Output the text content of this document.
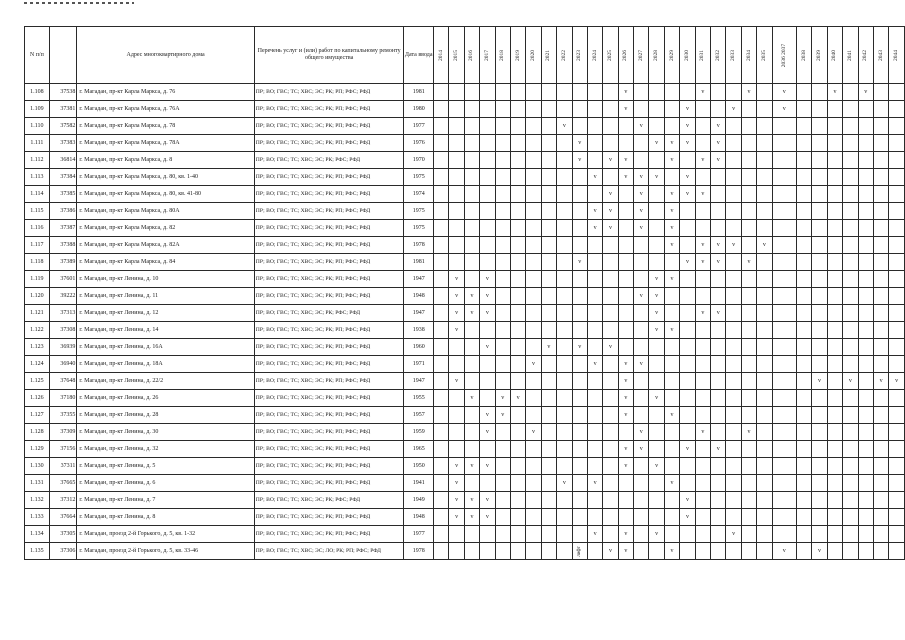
N п/п		Адрес многоквартирного дома	Перечень услуг и (или) работ по капитальному ремонту общего имущества	Дата ввода	2014	2015	2016	2017	2018	2019	2020	2021	2022	2023	2024	2025	2026	2027	2028	2029	2030	2031	2032	2033	2034	2035	2036 2037	2038	2039	2040	2041	2042	2043	2044
1.108	37538	г. Магадан, пр-кт Карла Маркса, д. 76	ПР; ВО; ГВС; ТС; ХВС; ЭС; РК; РП; РФС; РФД	1981													v					v			v		v			v		v		
1.109	37381	г. Магадан, пр-кт Карла Маркса, д. 76А	ПР; ВО; ГВС; ТС; ХВС; ЭС; РК; РП; РФС; РФД	1980													v				v			v			v							
1.110	37582	г. Магадан, пр-кт Карла Маркса, д. 78	ПР; ВО; ГВС; ТС; ХВС; ЭС; РК; РП; РФС; РФД	1977									v					v			v		v											
1.111	37383	г. Магадан, пр-кт Карла Маркса, д. 78А	ПР; ВО; ГВС; ТС; ХВС; ЭС; РК; РП; РФС; РФД	1976										v					v	v	v		v											
1.112	36814	г. Магадан, пр-кт Карла Маркса, д. 8	ПР; ВО; ГВС; ТС; ХВС; ЭС; РК; РФС; РФД	1970										v		v	v			v		v	v											
1.113	37384	г. Магадан, пр-кт Карла Маркса, д. 80, кв. 1-40	ПР; ВО; ГВС; ТС; ХВС; ЭС; РК; РП; РФС; РФД	1975											v		v	v	v		v													
1.114	37385	г. Магадан, пр-кт Карла Маркса, д. 80, кв. 41-80	ПР; ВО; ГВС; ТС; ХВС; ЭС; РК; РП; РФС; РФД	1974												v		v		v	v	v												
1.115	37386	г. Магадан, пр-кт Карла Маркса, д. 80А	ПР; ВО; ГВС; ТС; ХВС; ЭС; РК; РП; РФС; РФД	1975											v	v		v		v														
1.116	37387	г. Магадан, пр-кт Карла Маркса, д. 82	ПР; ВО; ГВС; ТС; ХВС; ЭС; РК; РП; РФС; РФД	1975											v	v		v		v														
1.117	37388	г. Магадан, пр-кт Карла Маркса, д. 82А	ПР; ВО; ГВС; ТС; ХВС; ЭС; РК; РП; РФС; РФД	1978																v		v	v	v		v								
1.118	37389	г. Магадан, пр-кт Карла Маркса, д. 84	ПР; ВО; ГВС; ТС; ХВС; ЭС; РК; РП; РФС; РФД	1981										v							v	v	v		v									
1.119	37601	г. Магадан, пр-кт Ленина, д. 10	ПР; ВО; ГВС; ТС; ХВС; ЭС; РК; РП; РФС; РФД	1947		v		v											v	v														
1.120	39222	г. Магадан, пр-кт Ленина, д. 11	ПР; ВО; ГВС; ТС; ХВС; ЭС; РК; РП; РФС; РФД	1948		v	v	v										v	v															
1.121	37313	г. Магадан, пр-кт Ленина, д. 12	ПР; ВО; ГВС; ТС; ХВС; ЭС; РК; РФС; РФД	1947		v	v	v											v			v	v											
1.122	37308	г. Магадан, пр-кт Ленина, д. 14	ПР; ВО; ГВС; ТС; ХВС; ЭС; РК; РП; РФС; РФД	1938		v													v	v														
1.123	36939	г. Магадан, пр-кт Ленина, д. 16А	ПР; ВО; ГВС; ТС; ХВС; ЭС; РК; РП; РФС; РФД	1960				v				v		v		v																		
1.124	36940	г. Магадан, пр-кт Ленина, д. 18А	ПР; ВО; ГВС; ТС; ХВС; ЭС; РК; РП; РФС; РФД	1971							v				v		v	v																
1.125	37648	г. Магадан, пр-кт Ленина, д. 22/2	ПР; ВО; ГВС; ТС; ХВС; ЭС; РК; РП; РФС; РФД	1947		v											v												v		v		v	v
1.126	37180	г. Магадан, пр-кт Ленина, д. 26	ПР; ВО; ГВС; ТС; ХВС; ЭС; РК; РП; РФС; РФД	1955			v		v	v							v		v															
1.127	37355	г. Магадан, пр-кт Ленина, д. 28	ПР; ВО; ГВС; ТС; ХВС; ЭС; РК; РП; РФС; РФД	1957				v	v								v			v														
1.128	37309	г. Магадан, пр-кт Ленина, д. 30	ПР; ВО; ГВС; ТС; ХВС; ЭС; РК; РП; РФС; РФД	1959				v			v							v				v			v									
1.129	37156	г. Магадан, пр-кт Ленина, д. 32	ПР; ВО; ГВС; ТС; ХВС; ЭС; РК; РП; РФС; РФД	1965													v	v			v		v											
1.130	37311	г. Магадан, пр-кт Ленина, д. 5	ПР; ВО; ГВС; ТС; ХВС; ЭС; РК; РП; РФС; РФД	1950		v	v	v									v		v															
1.131	37665	г. Магадан, пр-кт Ленина, д. 6	ПР; ВО; ГВС; ТС; ХВС; ЭС; РК; РП; РФС; РФД	1941		v							v		v					v														
1.132	37312	г. Магадан, пр-кт Ленина, д. 7	ПР; ВО; ГВС; ТС; ХВС; ЭС; РК; РФС; РФД	1949		v	v	v													v													
1.133	37664	г. Магадан, пр-кт Ленина, д. 8	ПР; ВО; ГВС; ТС; ХВС; ЭС; РК; РП; РФС; РФД	1948		v	v	v													v													
1.134	37305	г. Магадан, проезд 2-й Горького, д. 5, кв. 1-32	ПР; ВО; ГВС; ТС; ХВС; ЭС; РК; РП; РФС; РФД	1977											v		v		v					v										
1.135	37306	г. Магадан, проезд 2-й Горького, д. 5, кв. 33-46	ПР; ВО; ГВС; ТС; ХВС; ЭС; ЛО; РК; РП; РФС; РФД	1978										лифт		v	v			v							v		v					
